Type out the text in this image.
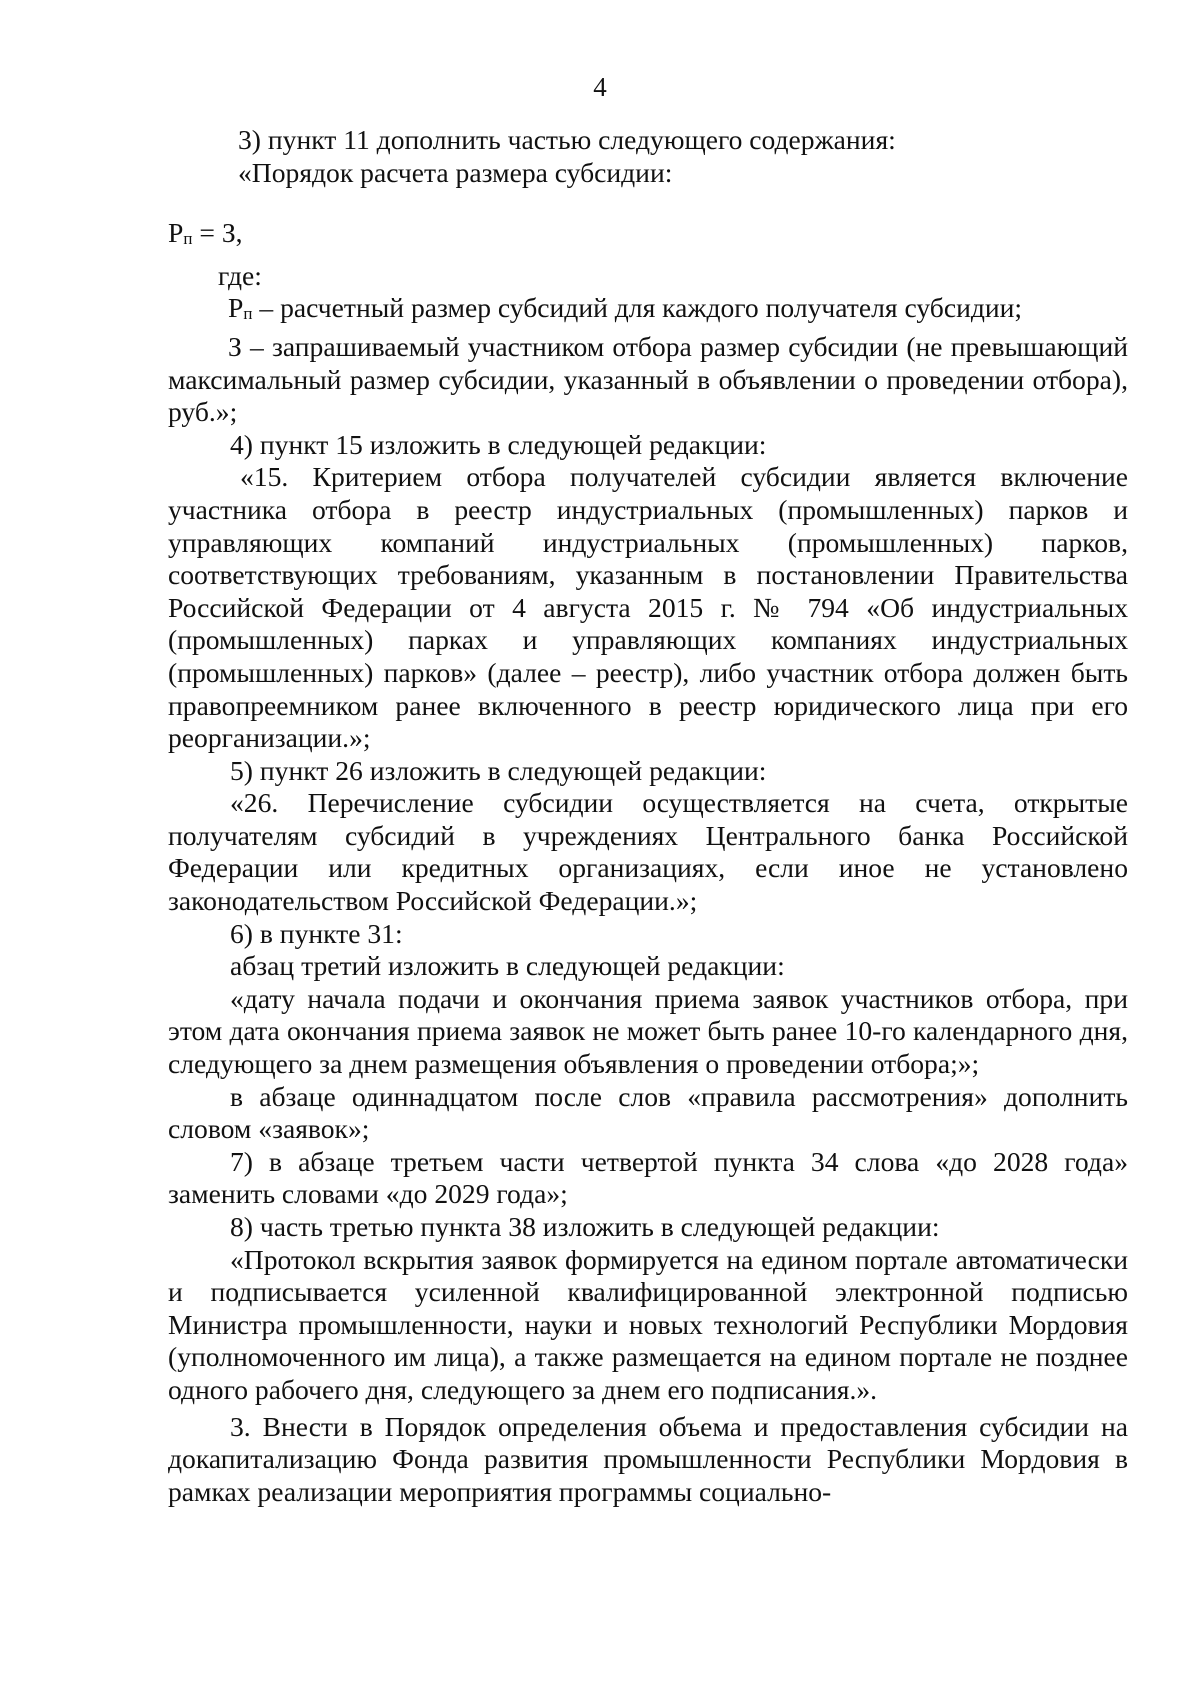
4

3) пункт 11 дополнить частью следующего содержания:

«Порядок расчета размера субсидии:

Рп = З,

где:

Рп – расчетный размер субсидий для каждого получателя субсидии;

З – запрашиваемый участником отбора размер субсидии (не превышающий максимальный размер субсидии, указанный в объявлении о проведении отбора), руб.»;

4) пункт 15 изложить в следующей редакции:

«15. Критерием отбора получателей субсидии является включение участника отбора в реестр индустриальных (промышленных) парков и управляющих компаний индустриальных (промышленных) парков, соответствующих требованиям, указанным в постановлении Правительства Российской Федерации от 4 августа 2015 г. № 794 «Об индустриальных (промышленных) парках и управляющих компаниях индустриальных (промышленных) парков» (далее – реестр), либо участник отбора должен быть правопреемником ранее включенного в реестр юридического лица при его реорганизации.»;

5) пункт 26 изложить в следующей редакции:

«26. Перечисление субсидии осуществляется на счета, открытые получателям субсидий в учреждениях Центрального банка Российской Федерации или кредитных организациях, если иное не установлено законодательством Российской Федерации.»;

6) в пункте 31:

абзац третий изложить в следующей редакции:

«дату начала подачи и окончания приема заявок участников отбора, при этом дата окончания приема заявок не может быть ранее 10-го календарного дня, следующего за днем размещения объявления о проведении отбора;»;

в абзаце одиннадцатом после слов «правила рассмотрения» дополнить словом «заявок»;

7) в абзаце третьем части четвертой пункта 34 слова «до 2028 года» заменить словами «до 2029 года»;

8) часть третью пункта 38 изложить в следующей редакции:

«Протокол вскрытия заявок формируется на едином портале автоматически и подписывается усиленной квалифицированной электронной подписью Министра промышленности, науки и новых технологий Республики Мордовия (уполномоченного им лица), а также размещается на едином портале не позднее одного рабочего дня, следующего за днем его подписания.».

3. Внести в Порядок определения объема и предоставления субсидии на докапитализацию Фонда развития промышленности Республики Мордовия в рамках реализации мероприятия программы социально-
